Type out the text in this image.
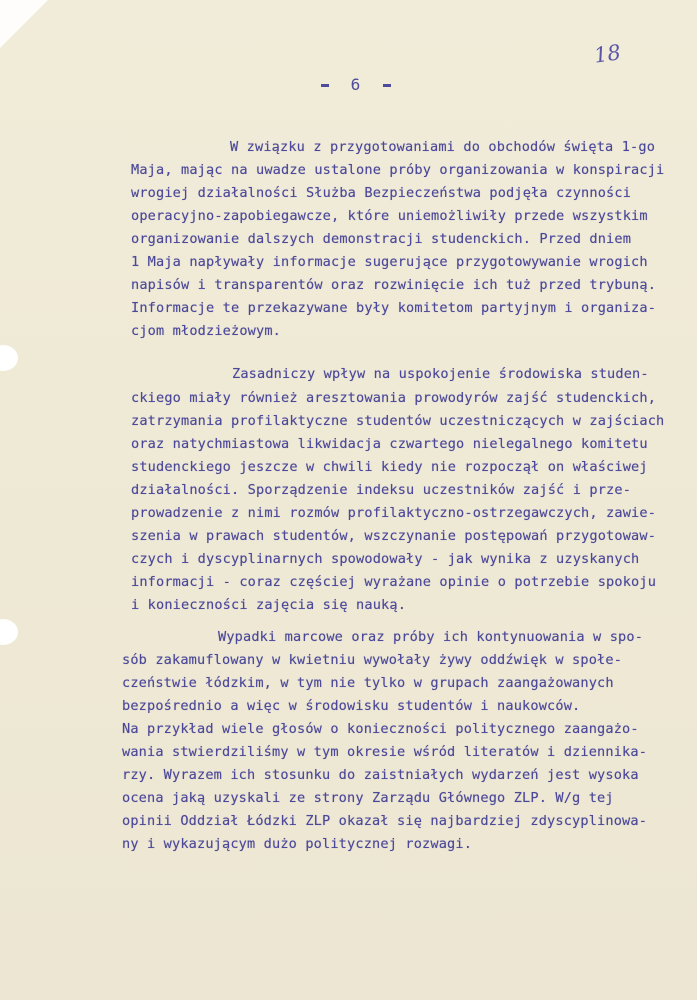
18
6
W związku z przygotowaniami do obchodów święta 1-go
Maja, mając na uwadze ustalone próby organizowania w konspiracji
wrogiej działalności Służba Bezpieczeństwa podjęła czynności
operacyjno-zapobiegawcze, które uniemożliwiły przede wszystkim
organizowanie dalszych demonstracji studenckich. Przed dniem
1 Maja napływały informacje sugerujące przygotowywanie wrogich
napisów i transparentów oraz rozwinięcie ich tuż przed trybuną.
Informacje te przekazywane były komitetom partyjnym i organiza-
cjom młodzieżowym.
Zasadniczy wpływ na uspokojenie środowiska studen-
ckiego miały również aresztowania prowodyrów zajść studenckich,
zatrzymania profilaktyczne studentów uczestniczących w zajściach
oraz natychmiastowa likwidacja czwartego nielegalnego komitetu
studenckiego jeszcze w chwili kiedy nie rozpoczął on właściwej
działalności. Sporządzenie indeksu uczestników zajść i prze-
prowadzenie z nimi rozmów profilaktyczno-ostrzegawczych, zawie-
szenia w prawach studentów, wszczynanie postępowań przygotowaw-
czych i dyscyplinarnych spowodowały - jak wynika z uzyskanych
informacji - coraz częściej wyrażane opinie o potrzebie spokoju
i konieczności zajęcia się nauką.
Wypadki marcowe oraz próby ich kontynuowania w spo-
sób zakamuflowany w kwietniu wywołały żywy oddźwięk w społe-
czeństwie łódzkim, w tym nie tylko w grupach zaangażowanych
bezpośrednio a więc w środowisku studentów i naukowców.
Na przykład wiele głosów o konieczności politycznego zaangażo-
wania stwierdziliśmy w tym okresie wśród literatów i dziennika-
rzy. Wyrazem ich stosunku do zaistniałych wydarzeń jest wysoka
ocena jaką uzyskali ze strony Zarządu Głównego ZLP. W/g tej
opinii Oddział Łódzki ZLP okazał się najbardziej zdyscyplinowa-
ny i wykazującym dużo politycznej rozwagi.
